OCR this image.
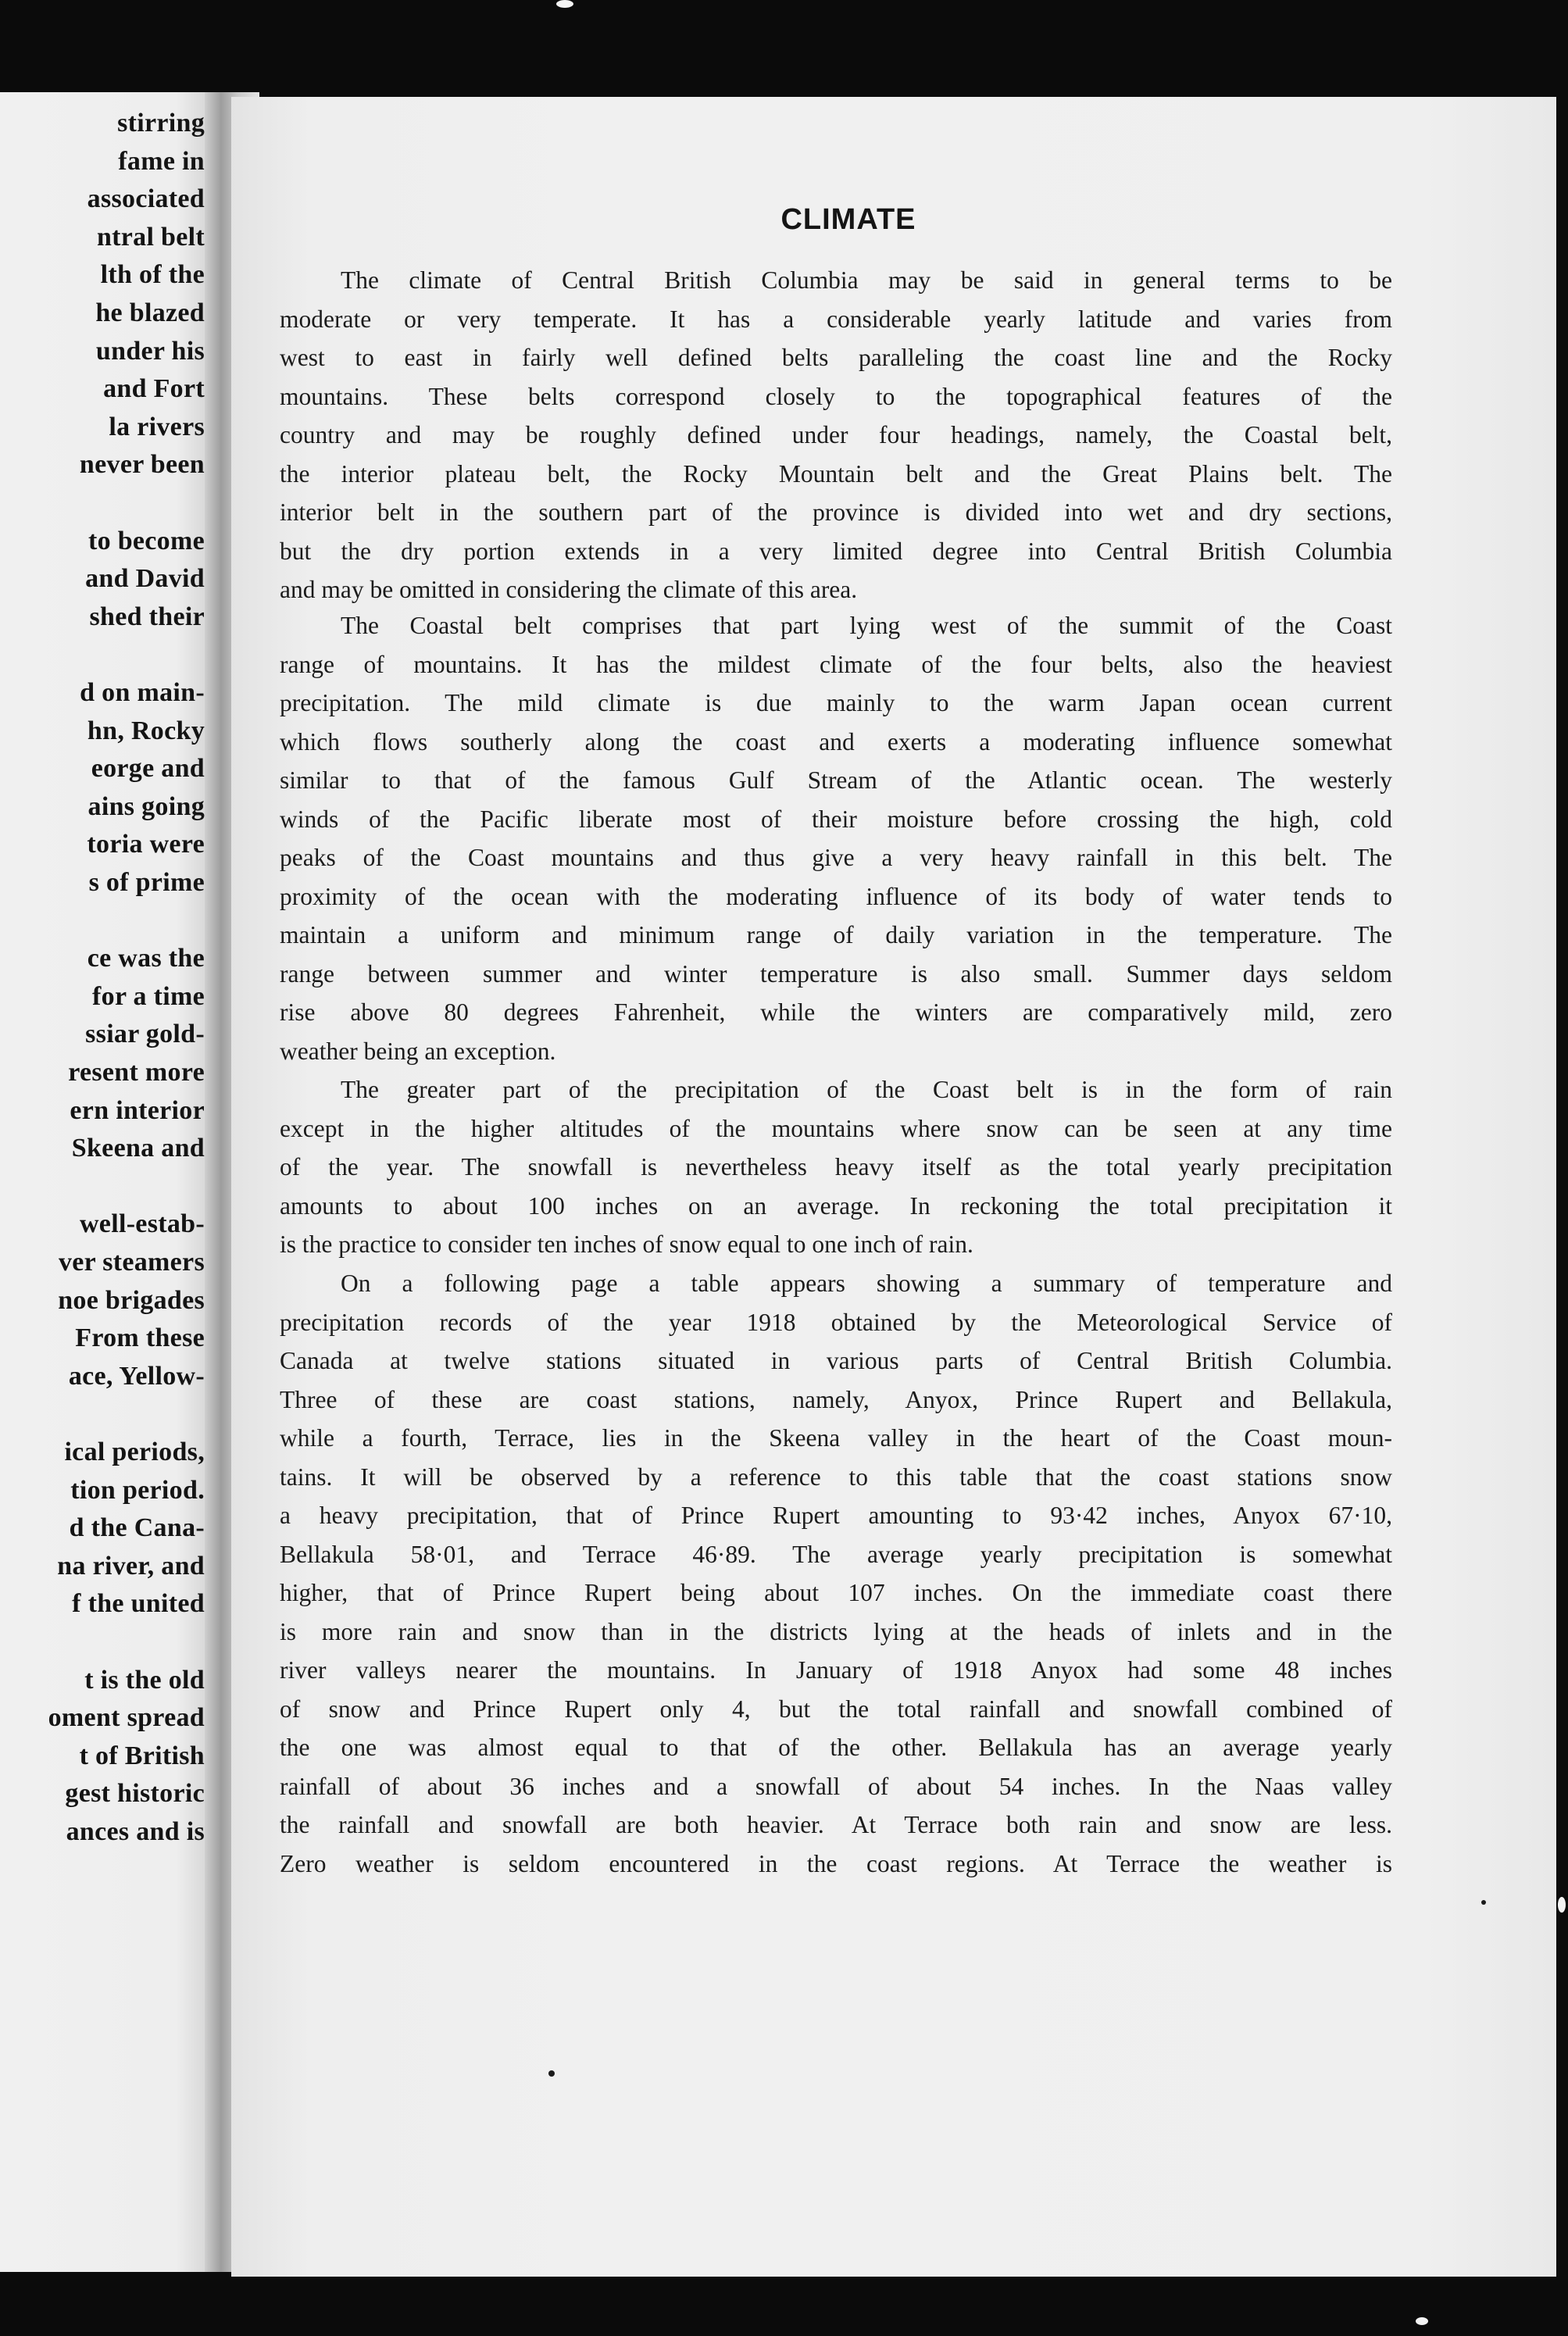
stirring
fame in
associated
ntral belt
lth of the
he blazed
under his
and Fort
la rivers
never been
to become
and David
shed their
d on main-
hn, Rocky
eorge and
ains going
toria were
s of prime
ce was the
for a time
ssiar gold-
resent more
ern interior
Skeena and
well-estab-
ver steamers
noe brigades
From these
ace, Yellow-
ical periods,
tion period.
d the Cana-
na river, and
f the united
t is the old
oment spread
t of British
gest historic
ances and is
CLIMATE
The climate of Central British Columbia may be said in general terms to be
moderate or very temperate. It has a considerable yearly latitude and varies from
west to east in fairly well defined belts paralleling the coast line and the Rocky
mountains. These belts correspond closely to the topographical features of the
country and may be roughly defined under four headings, namely, the Coastal belt,
the interior plateau belt, the Rocky Mountain belt and the Great Plains belt. The
interior belt in the southern part of the province is divided into wet and dry sections,
but the dry portion extends in a very limited degree into Central British Columbia
and may be omitted in considering the climate of this area.
The Coastal belt comprises that part lying west of the summit of the Coast
range of mountains. It has the mildest climate of the four belts, also the heaviest
precipitation. The mild climate is due mainly to the warm Japan ocean current
which flows southerly along the coast and exerts a moderating influence somewhat
similar to that of the famous Gulf Stream of the Atlantic ocean. The westerly
winds of the Pacific liberate most of their moisture before crossing the high, cold
peaks of the Coast mountains and thus give a very heavy rainfall in this belt. The
proximity of the ocean with the moderating influence of its body of water tends to
maintain a uniform and minimum range of daily variation in the temperature. The
range between summer and winter temperature is also small. Summer days seldom
rise above 80 degrees Fahrenheit, while the winters are comparatively mild, zero
weather being an exception.
The greater part of the precipitation of the Coast belt is in the form of rain
except in the higher altitudes of the mountains where snow can be seen at any time
of the year. The snowfall is nevertheless heavy itself as the total yearly precipitation
amounts to about 100 inches on an average. In reckoning the total precipitation it
is the practice to consider ten inches of snow equal to one inch of rain.
On a following page a table appears showing a summary of temperature and
precipitation records of the year 1918 obtained by the Meteorological Service of
Canada at twelve stations situated in various parts of Central British Columbia.
Three of these are coast stations, namely, Anyox, Prince Rupert and Bellakula,
while a fourth, Terrace, lies in the Skeena valley in the heart of the Coast moun-
tains. It will be observed by a reference to this table that the coast stations snow
a heavy precipitation, that of Prince Rupert amounting to 93·42 inches, Anyox 67·10,
Bellakula 58·01, and Terrace 46·89. The average yearly precipitation is somewhat
higher, that of Prince Rupert being about 107 inches. On the immediate coast there
is more rain and snow than in the districts lying at the heads of inlets and in the
river valleys nearer the mountains. In January of 1918 Anyox had some 48 inches
of snow and Prince Rupert only 4, but the total rainfall and snowfall combined of
the one was almost equal to that of the other. Bellakula has an average yearly
rainfall of about 36 inches and a snowfall of about 54 inches. In the Naas valley
the rainfall and snowfall are both heavier. At Terrace both rain and snow are less.
Zero weather is seldom encountered in the coast regions. At Terrace the weather is
